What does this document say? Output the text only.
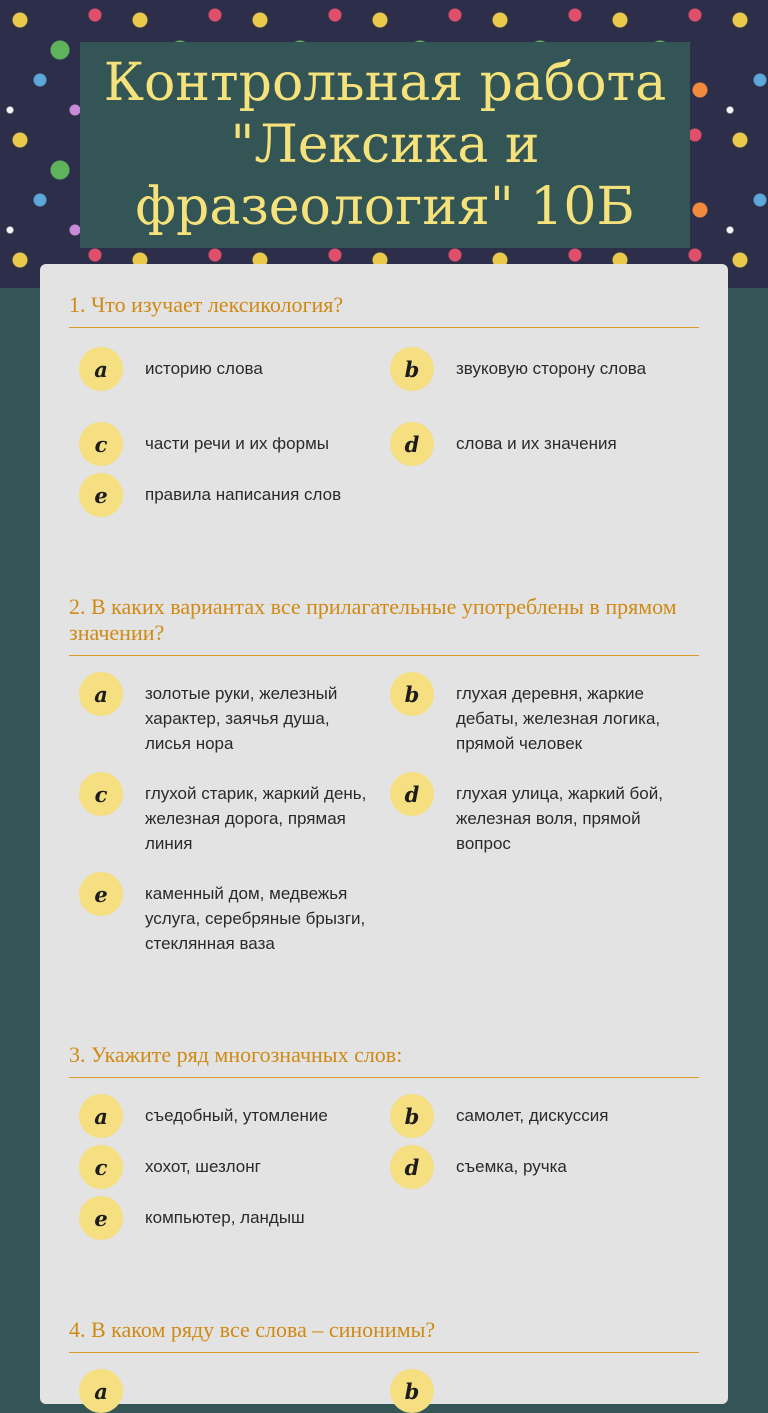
Контрольная работа "Лексика и фразеология" 10Б
1. Что изучает лексикология?
a	историю слова	b	звуковую сторону слова
c	части речи и их формы	d	слова и их значения
e	правила написания слов
2. В каких вариантах все прилагательные употреблены в прямом значении?
a	золотые руки, железный характер, заячья душа, лисья нора
b	глухая деревня, жаркие дебаты, железная логика, прямой человек
c	глухой старик, жаркий день, железная дорога, прямая линия
d	глухая улица, жаркий бой, железная воля, прямой вопрос
e	каменный дом, медвежья услуга, серебряные брызги, стеклянная ваза
3. Укажите ряд многозначных слов:
a	съедобный, утомление	b	самолет, дискуссия
c	хохот, шезлонг	d	съемка, ручка
e	компьютер, ландыш
4. В каком ряду все слова – синонимы?
a	b
